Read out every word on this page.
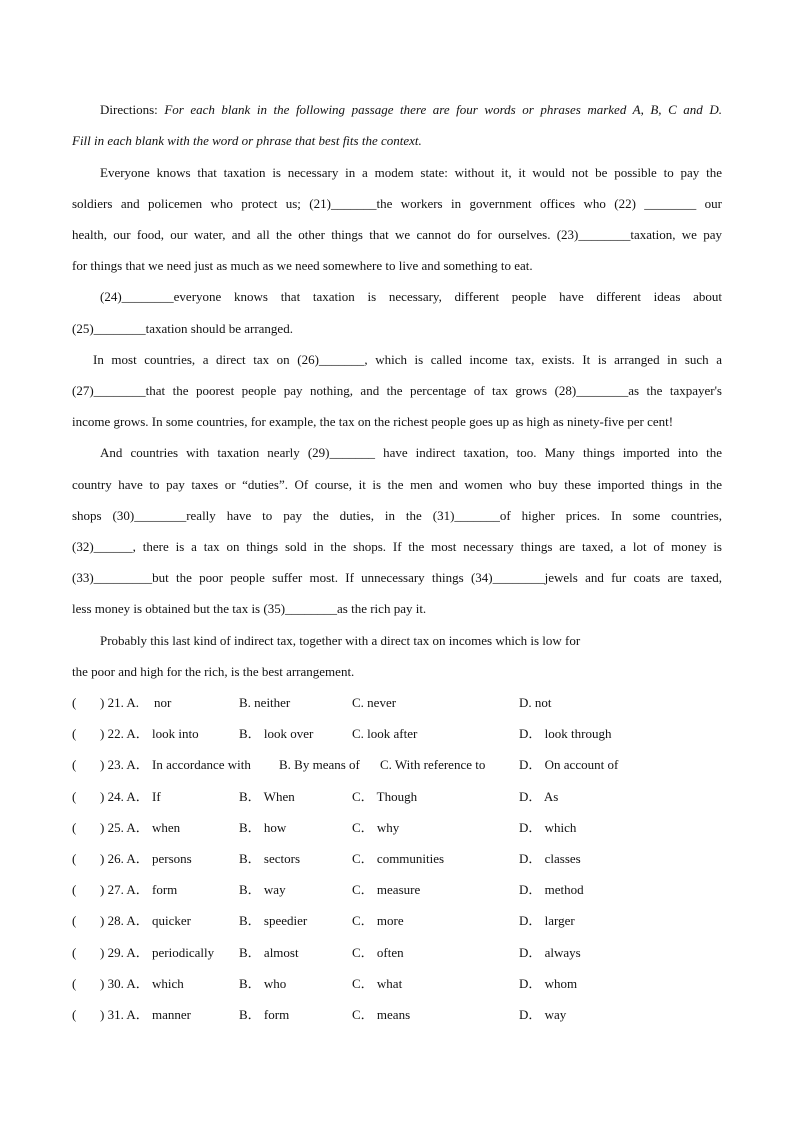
Directions: For each blank in the following passage there are four words or phrases marked A, B, C and D.
Fill in each blank with the word or phrase that best fits the context.
Everyone knows that taxation is necessary in a modem state: without it, it would not be possible to pay the
soldiers and policemen who protect us; (21)_______the workers in government offices who (22) ________ our
health, our food, our water, and all the other things that we cannot do for ourselves. (23)________taxation, we pay
for things that we need just as much as we need somewhere to live and something to eat.
(24)________everyone knows that taxation is necessary, different people have different ideas about
(25)________taxation should be arranged.
In most countries, a direct tax on (26)_______, which is called income tax, exists. It is arranged in such a
(27)________that the poorest people pay nothing, and the percentage of tax grows (28)________as the taxpayer's
income grows. In some countries, for example, the tax on the richest people goes up as high as ninety-five per cent!
And countries with taxation nearly (29)_______ have indirect taxation, too. Many things imported into the
country have to pay taxes or “duties”. Of course, it is the men and women who buy these imported things in the
shops (30)________really have to pay the duties, in the (31)_______of higher prices. In some countries,
(32)______, there is a tax on things sold in the shops. If the most necessary things are taxed, a lot of money is
(33)_________but the poor people suffer most. If unnecessary things (34)________jewels and fur coats are taxed,
less money is obtained but the tax is (35)________as the rich pay it.
Probably this last kind of indirect tax, together with a direct tax on incomes which is low for
the poor and high for the rich, is the best arrangement.
( ) 21. A. nor	B. neither	C. never	D. not
( ) 22. A． look into	B． look over	C. look after	D． look through
( ) 23. A． In accordance with B. By means of C. With reference to	D． On account of
( ) 24. A． If	B． When	C． Though	D． As
( ) 25. A． when	B． how	C． why	D． which
( ) 26. A． persons	B． sectors	C． communities	D． classes
( ) 27. A． form	B． way	C． measure	D． method
( ) 28. A． quicker	B． speedier	C． more	D． larger
( ) 29. A． periodically B． almost	C． often	D． always
( ) 30. A． which	B． who	C． what	D． whom
( ) 31. A． manner	B． form	C． means	D． way
